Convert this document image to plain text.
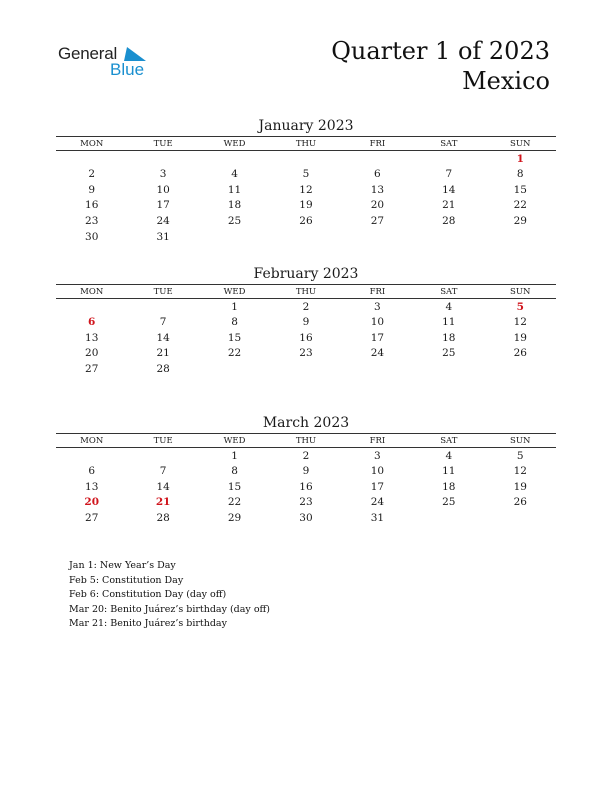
General
Blue
Quarter 1 of 2023
Mexico
January 2023
MON	TUE	WED	THU	FRI	SAT	SUN
						1
2	3	4	5	6	7	8
9	10	11	12	13	14	15
16	17	18	19	20	21	22
23	24	25	26	27	28	29
30	31					
February 2023
MON	TUE	WED	THU	FRI	SAT	SUN
		1	2	3	4	5
6	7	8	9	10	11	12
13	14	15	16	17	18	19
20	21	22	23	24	25	26
27	28					
March 2023
MON	TUE	WED	THU	FRI	SAT	SUN
		1	2	3	4	5
6	7	8	9	10	11	12
13	14	15	16	17	18	19
20	21	22	23	24	25	26
27	28	29	30	31		
Jan 1: New Year’s Day
Feb 5: Constitution Day
Feb 6: Constitution Day (day off)
Mar 20: Benito Juárez’s birthday (day off)
Mar 21: Benito Juárez’s birthday
